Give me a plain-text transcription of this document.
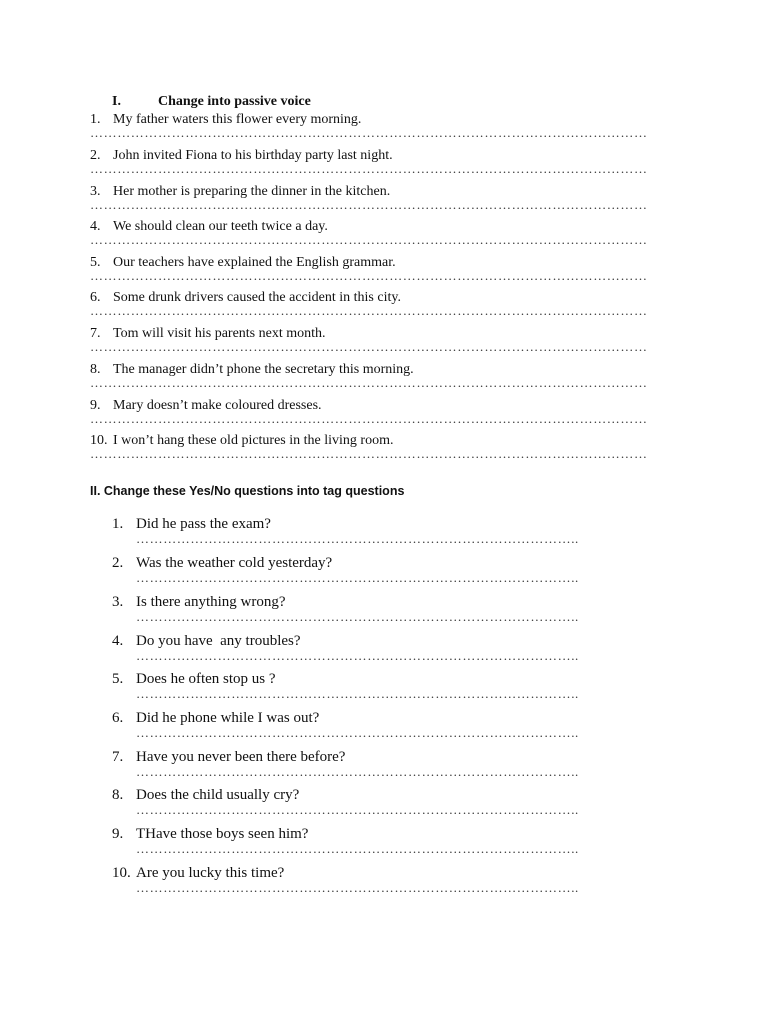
I.	Change into passive voice
1. My father waters this flower every morning.
……………………………………………………………………………………………………………
2. John invited Fiona to his birthday party last night.
……………………………………………………………………………………………………………
3. Her mother is preparing the dinner in the kitchen.
……………………………………………………………………………………………………………
4. We should clean our teeth twice a day.
……………………………………………………………………………………………………………
5. Our teachers have explained the English grammar.
……………………………………………………………………………………………………………
6. Some drunk drivers caused the accident in this city.
……………………………………………………………………………………………………………
7. Tom will visit his parents next month.
……………………………………………………………………………………………………………
8. The manager didn’t phone the secretary this morning.
……………………………………………………………………………………………………………
9. Mary doesn’t make coloured dresses.
……………………………………………………………………………………………………………
10. I won’t hang these old pictures in the living room.
……………………………………………………………………………………………………………
II. Change these Yes/No questions into tag questions
1. Did he pass the exam?
……………………………………………………………………………………..
2. Was the weather cold yesterday?
……………………………………………………………………………………..
3. Is there anything wrong?
……………………………………………………………………………………..
4. Do you have  any troubles?
……………………………………………………………………………………..
5. Does he often stop us ?
……………………………………………………………………………………..
6. Did he phone while I was out?
……………………………………………………………………………………..
7. Have you never been there before?
……………………………………………………………………………………..
8. Does the child usually cry?
……………………………………………………………………………………..
9. THave those boys seen him?
……………………………………………………………………………………..
10. Are you lucky this time?
……………………………………………………………………………………..
